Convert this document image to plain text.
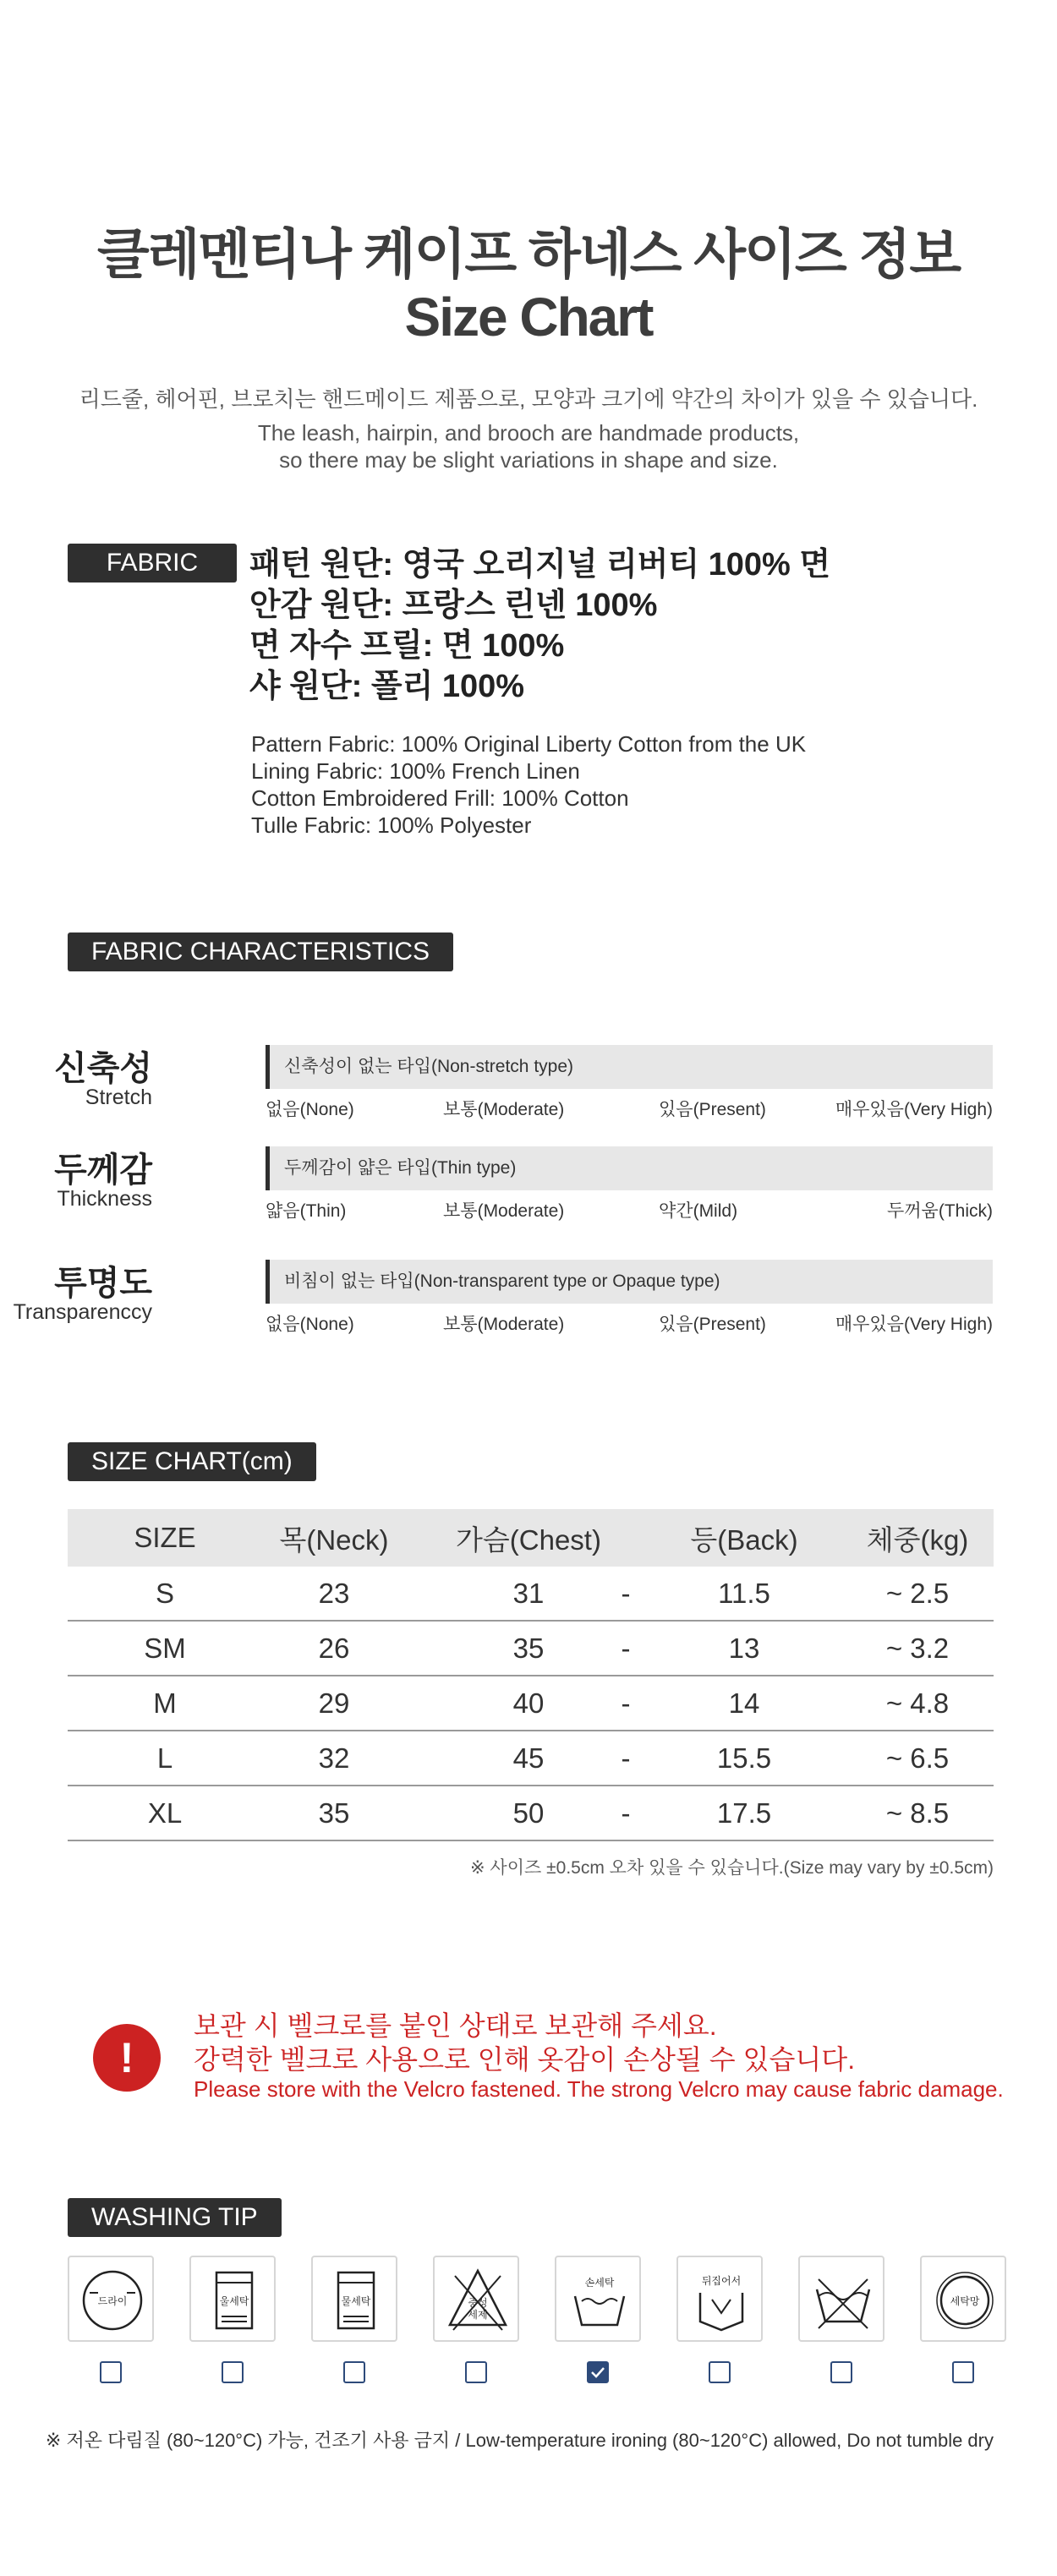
클레멘티나 케이프 하네스 사이즈 정보
Size Chart
리드줄, 헤어핀, 브로치는 핸드메이드 제품으로, 모양과 크기에 약간의 차이가 있을 수 있습니다.
The leash, hairpin, and brooch are handmade products,
so there may be slight variations in shape and size.
FABRIC	패턴 원단: 영국 오리지널 리버티 100% 면
안감 원단: 프랑스 린넨 100%
면 자수 프릴: 면 100%
샤 원단: 폴리 100%
Pattern Fabric: 100% Original Liberty Cotton from the UK
Lining Fabric: 100% French Linen
Cotton Embroidered Frill: 100% Cotton
Tulle Fabric: 100% Polyester
FABRIC CHARACTERISTICS
신축성
Stretch
신축성이 없는 타입(Non-stretch type)
없음(None)	보통(Moderate)	있음(Present)	매우있음(Very High)
두께감
Thickness
두께감이 얇은 타입(Thin type)
얇음(Thin)	보통(Moderate)	약간(Mild)	두꺼움(Thick)
투명도
Transparenccy
비침이 없는 타입(Non-transparent type or Opaque type)
없음(None)	보통(Moderate)	있음(Present)	매우있음(Very High)
SIZE CHART(cm)
SIZE	목(Neck)	가슴(Chest)	등(Back)	체중(kg)
S	23	31	-	11.5	~ 2.5
SM	26	35	-	13	~ 3.2
M	29	40	-	14	~ 4.8
L	32	45	-	15.5	~ 6.5
XL	35	50	-	17.5	~ 8.5
※ 사이즈 ±0.5cm 오차 있을 수 있습니다.(Size may vary by ±0.5cm)
!
보관 시 벨크로를 붙인 상태로 보관해 주세요.
강력한 벨크로 사용으로 인해 옷감이 손상될 수 있습니다.
Please store with the Velcro fastened. The strong Velcro may cause fabric damage.
WASHING TIP
드라이	울세탁	물세탁	중성
세제
손세탁	뒤집어서
세탁망
※ 저온 다림질 (80~120°C) 가능, 건조기 사용 금지 / Low-temperature ironing (80~120°C) allowed, Do not tumble dry
